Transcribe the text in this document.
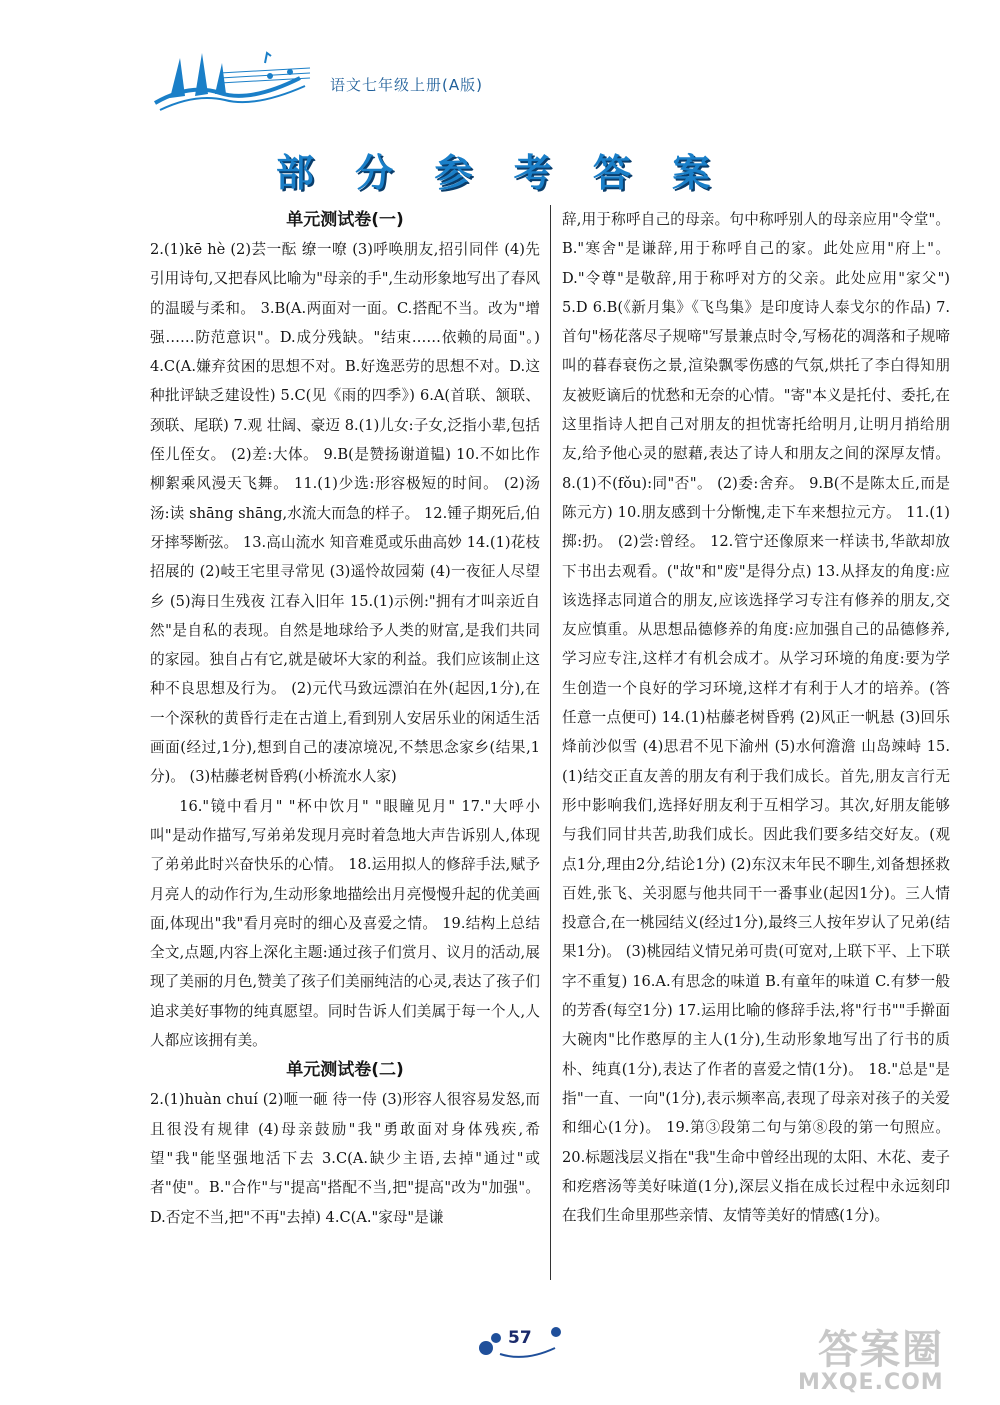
语文七年级上册(A版)
部 分 参 考 答 案
单元测试卷(一)

2.(1)kē hè (2)芸一酝 缭一嘹 (3)呼唤朋友,招引同伴 (4)先引用诗句,又把春风比喻为"母亲的手",生动形象地写出了春风的温暖与柔和。 3.B(A.两面对一面。C.搭配不当。改为"增强……防范意识"。D.成分残缺。"结束……依赖的局面"。) 4.C(A.嫌弃贫困的思想不对。B.好逸恶劳的思想不对。D.这种批评缺乏建设性) 5.C(见《雨的四季》) 6.A(首联、颔联、颈联、尾联) 7.观 壮阔、豪迈 8.(1)儿女:子女,泛指小辈,包括侄儿侄女。 (2)差:大体。 9.B(是赞扬谢道韫) 10.不如比作柳絮乘风漫天飞舞。 11.(1)少选:形容极短的时间。 (2)汤汤:读 shāng shāng,水流大而急的样子。 12.锺子期死后,伯牙摔琴断弦。 13.高山流水 知音难觅或乐曲高妙 14.(1)花枝招展的 (2)岐王宅里寻常见 (3)遥怜故园菊 (4)一夜征人尽望乡 (5)海日生残夜 江春入旧年 15.(1)示例:"拥有才叫亲近自然"是自私的表现。自然是地球给予人类的财富,是我们共同的家园。独自占有它,就是破坏大家的利益。我们应该制止这种不良思想及行为。 (2)元代马致远漂泊在外(起因,1分),在一个深秋的黄昏行走在古道上,看到别人安居乐业的闲适生活画面(经过,1分),想到自己的凄凉境况,不禁思念家乡(结果,1分)。 (3)枯藤老树昏鸦(小桥流水人家)

16."镜中看月" "杯中饮月" "眼瞳见月" 17."大呼小叫"是动作描写,写弟弟发现月亮时着急地大声告诉别人,体现了弟弟此时兴奋快乐的心情。 18.运用拟人的修辞手法,赋予月亮人的动作行为,生动形象地描绘出月亮慢慢升起的优美画面,体现出"我"看月亮时的细心及喜爱之情。 19.结构上总结全文,点题,内容上深化主题:通过孩子们赏月、议月的活动,展现了美丽的月色,赞美了孩子们美丽纯洁的心灵,表达了孩子们追求美好事物的纯真愿望。同时告诉人们美属于每一个人,人人都应该拥有美。

单元测试卷(二)

2.(1)huàn chuí (2)咂一砸 待一侍 (3)形容人很容易发怒,而且很没有规律 (4)母亲鼓励"我"勇敢面对身体残疾,希望"我"能坚强地活下去 3.C(A.缺少主语,去掉"通过"或者"使"。B."合作"与"提高"搭配不当,把"提高"改为"加强"。D.否定不当,把"不再"去掉) 4.C(A."家母"是谦

辞,用于称呼自己的母亲。句中称呼别人的母亲应用"令堂"。B."寒舍"是谦辞,用于称呼自己的家。此处应用"府上"。D."令尊"是敬辞,用于称呼对方的父亲。此处应用"家父") 5.D 6.B(《新月集》《飞鸟集》是印度诗人泰戈尔的作品) 7.首句"杨花落尽子规啼"写景兼点时令,写杨花的凋落和子规啼叫的暮春衰伤之景,渲染飘零伤感的气氛,烘托了李白得知朋友被贬谪后的忧愁和无奈的心情。"寄"本义是托付、委托,在这里指诗人把自己对朋友的担忧寄托给明月,让明月捎给朋友,给予他心灵的慰藉,表达了诗人和朋友之间的深厚友情。 8.(1)不(fǒu):同"否"。 (2)委:舍弃。 9.B(不是陈太丘,而是陈元方) 10.朋友感到十分惭愧,走下车来想拉元方。 11.(1)掷:扔。 (2)尝:曾经。 12.管宁还像原来一样读书,华歆却放下书出去观看。("故"和"废"是得分点) 13.从择友的角度:应该选择志同道合的朋友,应该选择学习专注有修养的朋友,交友应慎重。从思想品德修养的角度:应加强自己的品德修养,学习应专注,这样才有机会成才。从学习环境的角度:要为学生创造一个良好的学习环境,这样才有利于人才的培养。(答任意一点便可) 14.(1)枯藤老树昏鸦 (2)风正一帆悬 (3)回乐烽前沙似雪 (4)思君不见下渝州 (5)水何澹澹 山岛竦峙 15.(1)结交正直友善的朋友有利于我们成长。首先,朋友言行无形中影响我们,选择好朋友利于互相学习。其次,好朋友能够与我们同甘共苦,助我们成长。因此我们要多结交好友。(观点1分,理由2分,结论1分) (2)东汉末年民不聊生,刘备想拯救百姓,张飞、关羽愿与他共同干一番事业(起因1分)。三人情投意合,在一桃园结义(经过1分),最终三人按年岁认了兄弟(结果1分)。 (3)桃园结义情兄弟可贵(可宽对,上联下平、上下联字不重复) 16.A.有思念的味道 B.有童年的味道 C.有梦一般的芳香(每空1分) 17.运用比喻的修辞手法,将"行书""手擀面大碗肉"比作憨厚的主人(1分),生动形象地写出了行书的质朴、纯真(1分),表达了作者的喜爱之情(1分)。 18."总是"是指"一直、一向"(1分),表示频率高,表现了母亲对孩子的关爱和细心(1分)。 19.第③段第二句与第⑧段的第一句照应。 20.标题浅层义指在"我"生命中曾经出现的太阳、木花、麦子和疙瘩汤等美好味道(1分),深层义指在成长过程中永远刻印在我们生命里那些亲情、友情等美好的情感(1分)。

57	答案圈
MXQE.COM
